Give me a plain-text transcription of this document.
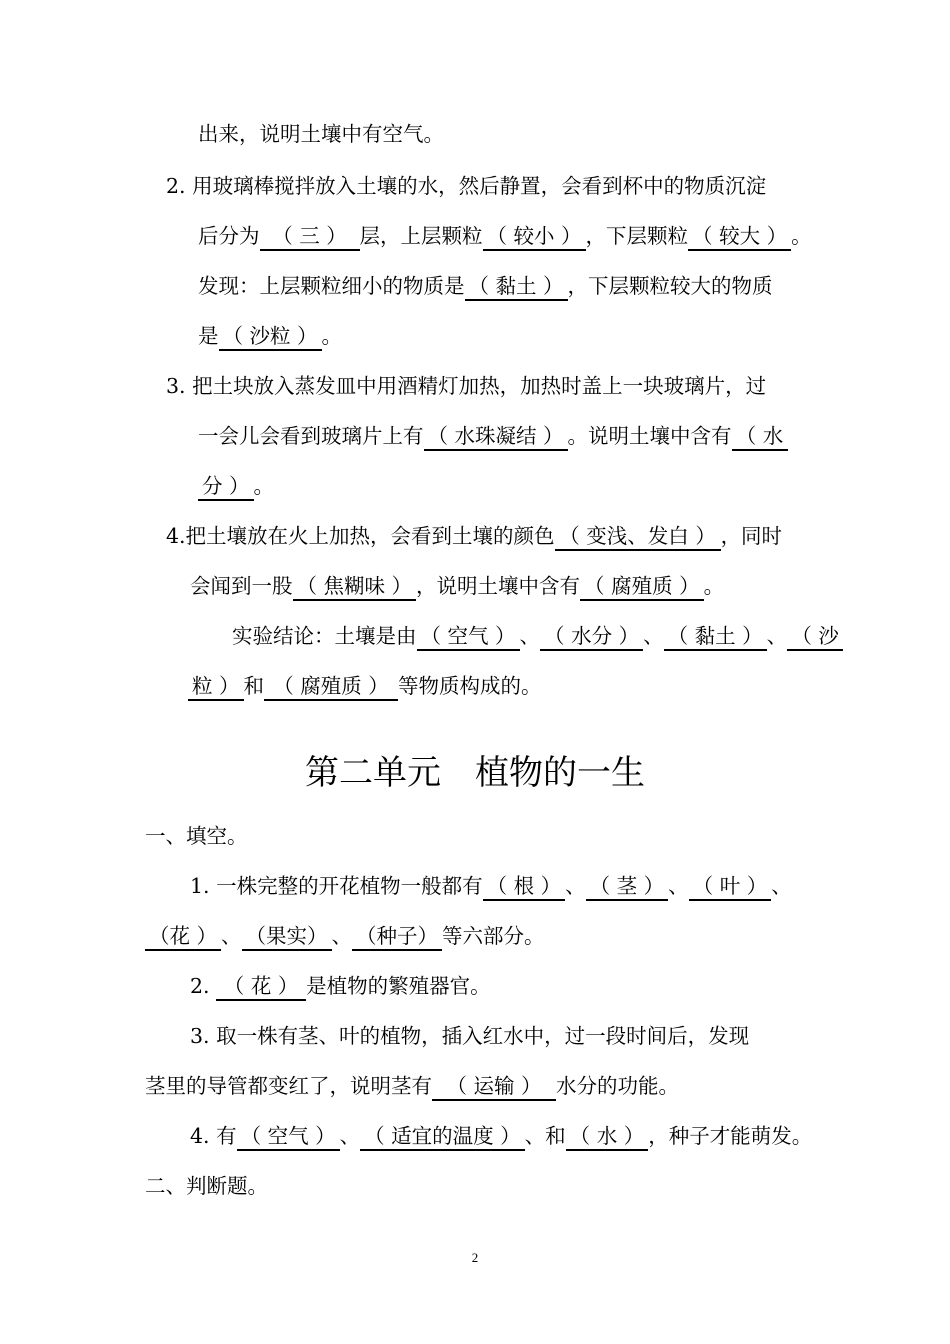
出来，说明土壤中有空气。
2. 用玻璃棒搅拌放入土壤的水，然后静置，会看到杯中的物质沉淀
后分为 （ 三 ） 层，上层颗粒 （ 较小 ） ，下层颗粒 （ 较大 ） 。
发现：上层颗粒细小的物质是 （ 黏土 ） ，下层颗粒较大的物质
是 （ 沙粒 ） 。
3. 把土块放入蒸发皿中用酒精灯加热，加热时盖上一块玻璃片，过
一会儿会看到玻璃片上有 （ 水珠凝结 ） 。说明土壤中含有 （ 水
分 ） 。
4.把土壤放在火上加热，会看到土壤的颜色 （ 变浅、发白 ） ，同时
会闻到一股 （ 焦糊味 ） ，说明土壤中含有 （ 腐殖质 ） 。
实验结论：土壤是由 （ 空气 ） 、 （ 水分 ） 、 （ 黏土 ） 、 （ 沙
粒 ） 和 （ 腐殖质 ） 等物质构成的。
第二单元　植物的一生
一、填空。
1. 一株完整的开花植物一般都有 （ 根 ） 、 （ 茎 ） 、 （ 叶 ） 、
（花 ） 、 （果实） 、 （种子） 等六部分。
2. （ 花 ） 是植物的繁殖器官。
3. 取一株有茎、叶的植物，插入红水中，过一段时间后，发现
茎里的导管都变红了，说明茎有 （ 运输 ） 水分的功能。
4. 有 （ 空气 ） 、 （ 适宜的温度 ） 、和 （ 水 ） ，种子才能萌发。
二、判断题。
2
